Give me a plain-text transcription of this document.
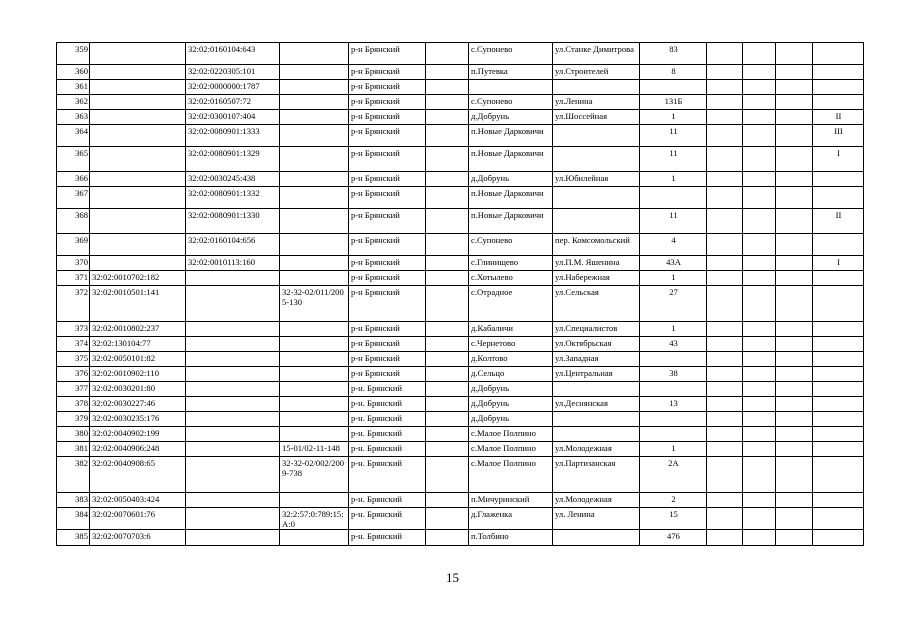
359		32:02:0160104:643		р-н Брянский		с.Супонево	ул.Станке Димитрова	83				
360		32:02:0220305:101		р-н Брянский		п.Путевка	ул.Строителей	8				
361		32:02:0000000:1787		р-н Брянский								
362		32:02:0160507:72		р-н Брянский		с.Супонево	ул.Ленина	131Б				
363		32:02:0300107:404		р-н Брянский		д.Добрунь	ул.Шоссейная	1				II
364		32:02:0080901:1333		р-н Брянский		п.Новые Дарковичи		11				III
365		32:02:0080901:1329		р-н Брянский		п.Новые Дарковичи		11				I
366		32:02:0030245:438		р-н Брянский		д.Добрунь	ул.Юбилейная	1				
367		32:02:0080901:1332		р-н Брянский		п.Новые Дарковичи						
368		32:02:0080901:1330		р-н Брянский		п.Новые Дарковичи		11				II
369		32:02:0160104:656		р-н Брянский		с.Супонево	пер. Комсомольский	4				
370		32:02:0010113:160		р-н Брянский		с.Глинищево	ул.П.М. Яшенина	43А				I
371	32:02:0010702:182			р-н Брянский		с.Хотылево	ул.Набережная	1				
372	32:02:0010501:141		32-32-02/011/2005-130	р-н Брянский		с.Отрадное	ул.Сельская	27				
373	32:02:0010802:237			р-н Брянский		д.Кабаличи	ул.Специалистов	1				
374	32:02:130104:77			р-н Брянский		с.Чернетово	ул.Октябрьская	43				
375	32:02:0050101:82			р-н Брянский		д.Колтово	ул.Западная					
376	32:02:0010902:110			р-н Брянский		д.Сельцо	ул.Центральная	38				
377	32:02:0030201:80			р-н. Брянский		д.Добрунь						
378	32:02:0030227:46			р-н. Брянский		д.Добрунь	ул.Деснянская	13				
379	32:02:0030235:176			р-н. Брянский		д.Добрунь						
380	32:02:0040902:199			р-н. Брянский		с.Малое Полпино						
381	32:02:0040906:248		15-01/02-11-148	р-н. Брянский		с.Малое Полпино	ул.Молодежная	1				
382	32:02:0040908:65		32-32-02/002/2009-738	р-н. Брянский		с.Малое Полпино	ул.Партизанская	2А				
383	32:02:0050403:424			р-н. Брянский		п.Мичуринский	ул.Молодежная	2				
384	32:02:0070601:76		32:2:57:0:789:15:А:0	р-н. Брянский		д.Глаженка	ул. Ленина	15				
385	32:02:0070703:6			р-н. Брянский		п.Толбино		476				
15
